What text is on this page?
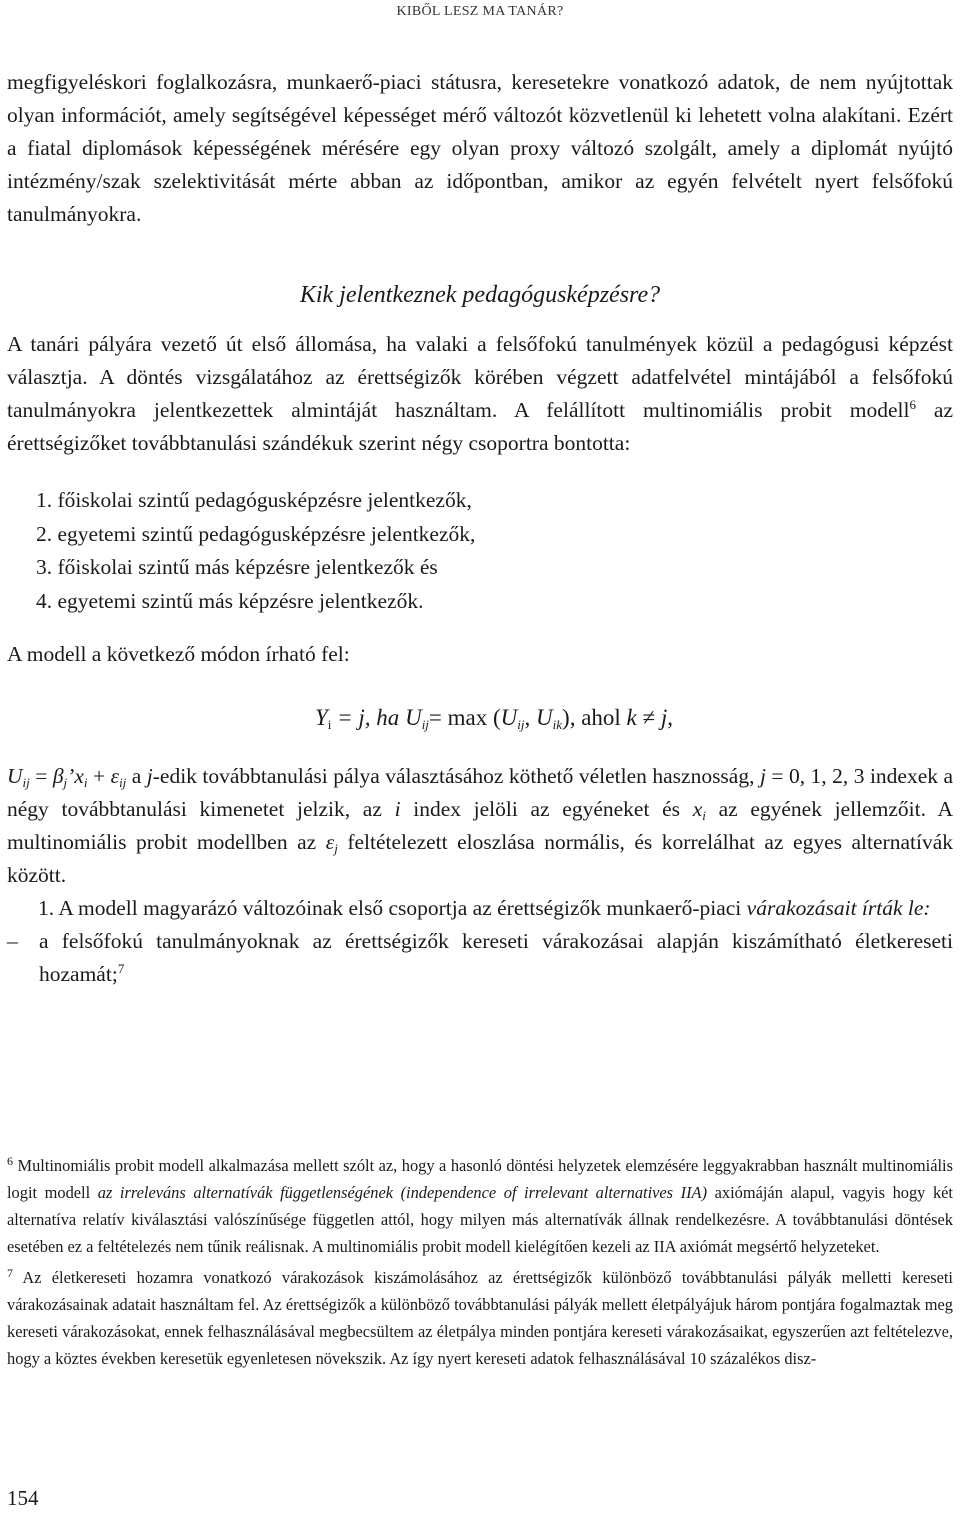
KIBŐL LESZ MA TANÁR?

megfigyeléskori foglalkozásra, munkaerő-piaci státusra, keresetekre vonatkozó adatok, de nem nyújtottak olyan információt, amely segítségével képességet mérő változót közvetlenül ki lehetett volna alakítani. Ezért a fiatal diplomások képességének mérésére egy olyan proxy változó szolgált, amely a diplomát nyújtó intézmény/szak szelektivitását mérte abban az időpontban, amikor az egyén felvételt nyert felsőfokú tanulmányokra.

Kik jelentkeznek pedagógusképzésre?

A tanári pályára vezető út első állomása, ha valaki a felsőfokú tanulmények közül a pedagógusi képzést választja. A döntés vizsgálatához az érettségizők körében végzett adatfelvétel mintájából a felsőfokú tanulmányokra jelentkezettek almintáját használtam. A felállított multinomiális probit modell$^6$ az érettségizőket továbbtanulási szándékuk szerint négy csoportra bontotta:

1. főiskolai szintű pedagógusképzésre jelentkezők,
2. egyetemi szintű pedagógusképzésre jelentkezők,
3. főiskolai szintű más képzésre jelentkezők és
4. egyetemi szintű más képzésre jelentkezők.

A modell a következő módon írható fel:

$Y_i = j$, ha $U_{ij}= \max (U_{ij}$, $U_{ik}$), ahol k ≠ j,

$U_{ij}$ = $\beta_j’x_i + \varepsilon_{ij}$ a j-edik továbbtanulási pálya választásához köthető véletlen hasznosság, j = 0, 1, 2, 3 indexek a négy továbbtanulási kimenetet jelzik, az i index jelöli az egyéneket és $x_i$ az egyének jellemzőit. A multinomiális probit modellben az $\varepsilon_j$ feltételezett eloszlása normális, és korrelálhat az egyes alternatívák között.

1. A modell magyarázó változóinak első csoportja az érettségizők munkaerő-piaci várakozásait írták le:

– a felsőfokú tanulmányoknak az érettségizők kereseti várakozásai alapján kiszámítható életkereseti hozamát;$^7$

$^6$ Multinomiális probit modell alkalmazása mellett szólt az, hogy a hasonló döntési helyzetek elemzésére leggyakrabban használt multinomiális logit modell az irreleváns alternatívák függetlenségének (independence of irrelevant alternatives IIA) axiómáján alapul, vagyis hogy két alternatíva relatív kiválasztási valószínűsége független attól, hogy milyen más alternatívák állnak rendelkezésre. A továbbtanulási döntések esetében ez a feltételezés nem tűnik reálisnak. A multinomiális probit modell kielégítően kezeli az IIA axiómát megsértő helyzeteket.

$^7$ Az életkereseti hozamra vonatkozó várakozások kiszámolásához az érettségizők különböző továbbtanulási pályák melletti kereseti várakozásainak adatait használtam fel. Az érettségizők a különböző továbbtanulási pályák mellett életpályájuk három pontjára fogalmaztak meg kereseti várakozásokat, ennek felhasználásával megbecsültem az életpálya minden pontjára kereseti várakozásaikat, egyszerűen azt feltételezve, hogy a köztes években keresetük egyenletesen növekszik. Az így nyert kereseti adatok felhasználásával 10 százalékos disz-

154
